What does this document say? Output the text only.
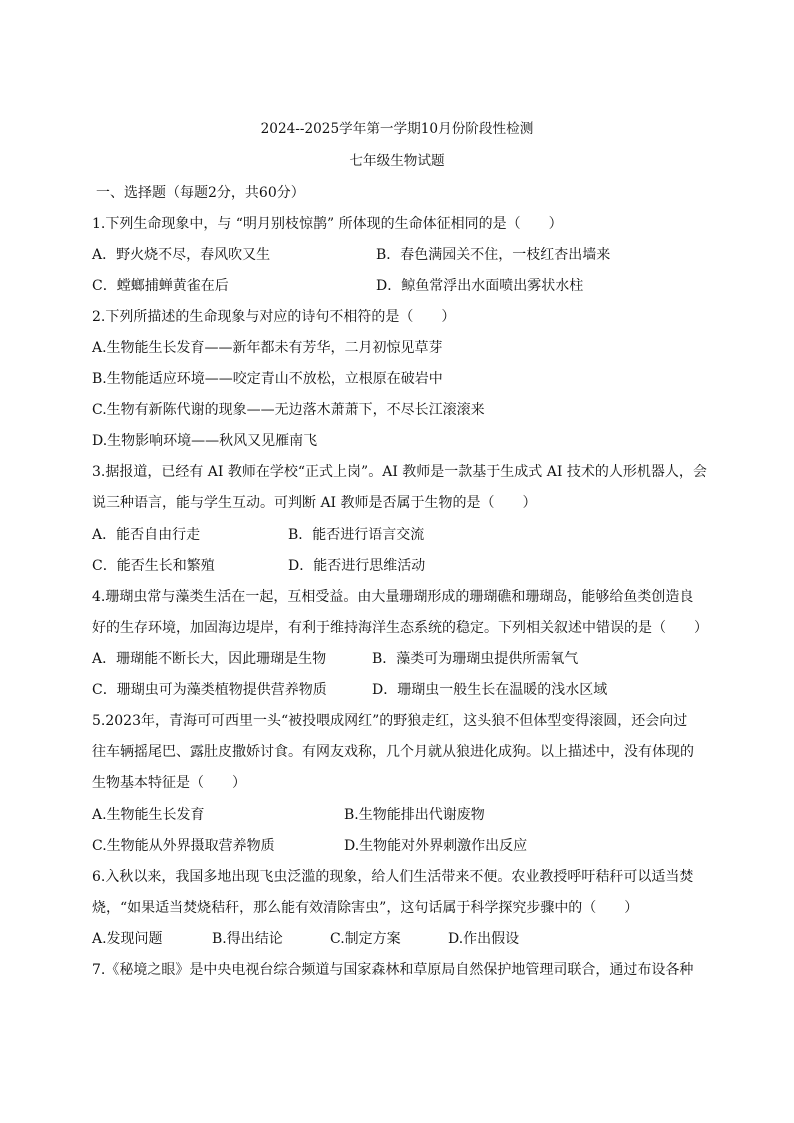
2024--2025学年第一学期10月份阶段性检测
七年级生物试题
一、选择题（每题2分，共60分）
1.下列生命现象中，与 “明月别枝惊鹊” 所体现的生命体征相同的是（　　）
A．野火烧不尽，春风吹又生	B．春色满园关不住，一枝红杏出墙来
C．螳螂捕蝉黄雀在后	D．鲸鱼常浮出水面喷出雾状水柱
2.下列所描述的生命现象与对应的诗句不相符的是（　　）
A.生物能生长发育——新年都未有芳华，二月初惊见草芽
B.生物能适应环境——咬定青山不放松，立根原在破岩中
C.生物有新陈代谢的现象——无边落木萧萧下，不尽长江滚滚来
D.生物影响环境——秋风又见雁南飞
3.据报道，已经有 AI 教师在学校“正式上岗”。AI 教师是一款基于生成式 AI 技术的人形机器人，会
说三种语言，能与学生互动。可判断 AI 教师是否属于生物的是（　　）
A．能否自由行走	B．能否进行语言交流
C．能否生长和繁殖	D．能否进行思维活动
4.珊瑚虫常与藻类生活在一起，互相受益。由大量珊瑚形成的珊瑚礁和珊瑚岛，能够给鱼类创造良
好的生存环境，加固海边堤岸，有利于维持海洋生态系统的稳定。下列相关叙述中错误的是（　　）
A．珊瑚能不断长大，因此珊瑚是生物	B．藻类可为珊瑚虫提供所需氧气
C．珊瑚虫可为藻类植物提供营养物质	D．珊瑚虫一般生长在温暖的浅水区域
5.2023年，青海可可西里一头“被投喂成网红”的野狼走红，这头狼不但体型变得滚圆，还会向过
往车辆摇尾巴、露肚皮撒娇讨食。有网友戏称，几个月就从狼进化成狗。以上描述中，没有体现的
生物基本特征是（　　）
A.生物能生长发育	B.生物能排出代谢废物
C.生物能从外界摄取营养物质	D.生物能对外界刺激作出反应
6.入秋以来，我国多地出现飞虫泛滥的现象，给人们生活带来不便。农业教授呼吁秸秆可以适当焚
烧，“如果适当焚烧秸秆，那么能有效清除害虫”，这句话属于科学探究步骤中的（　　）
A.发现问题	B.得出结论	C.制定方案	D.作出假设
7.《秘境之眼》是中央电视台综合频道与国家森林和草原局自然保护地管理司联合，通过布设各种
